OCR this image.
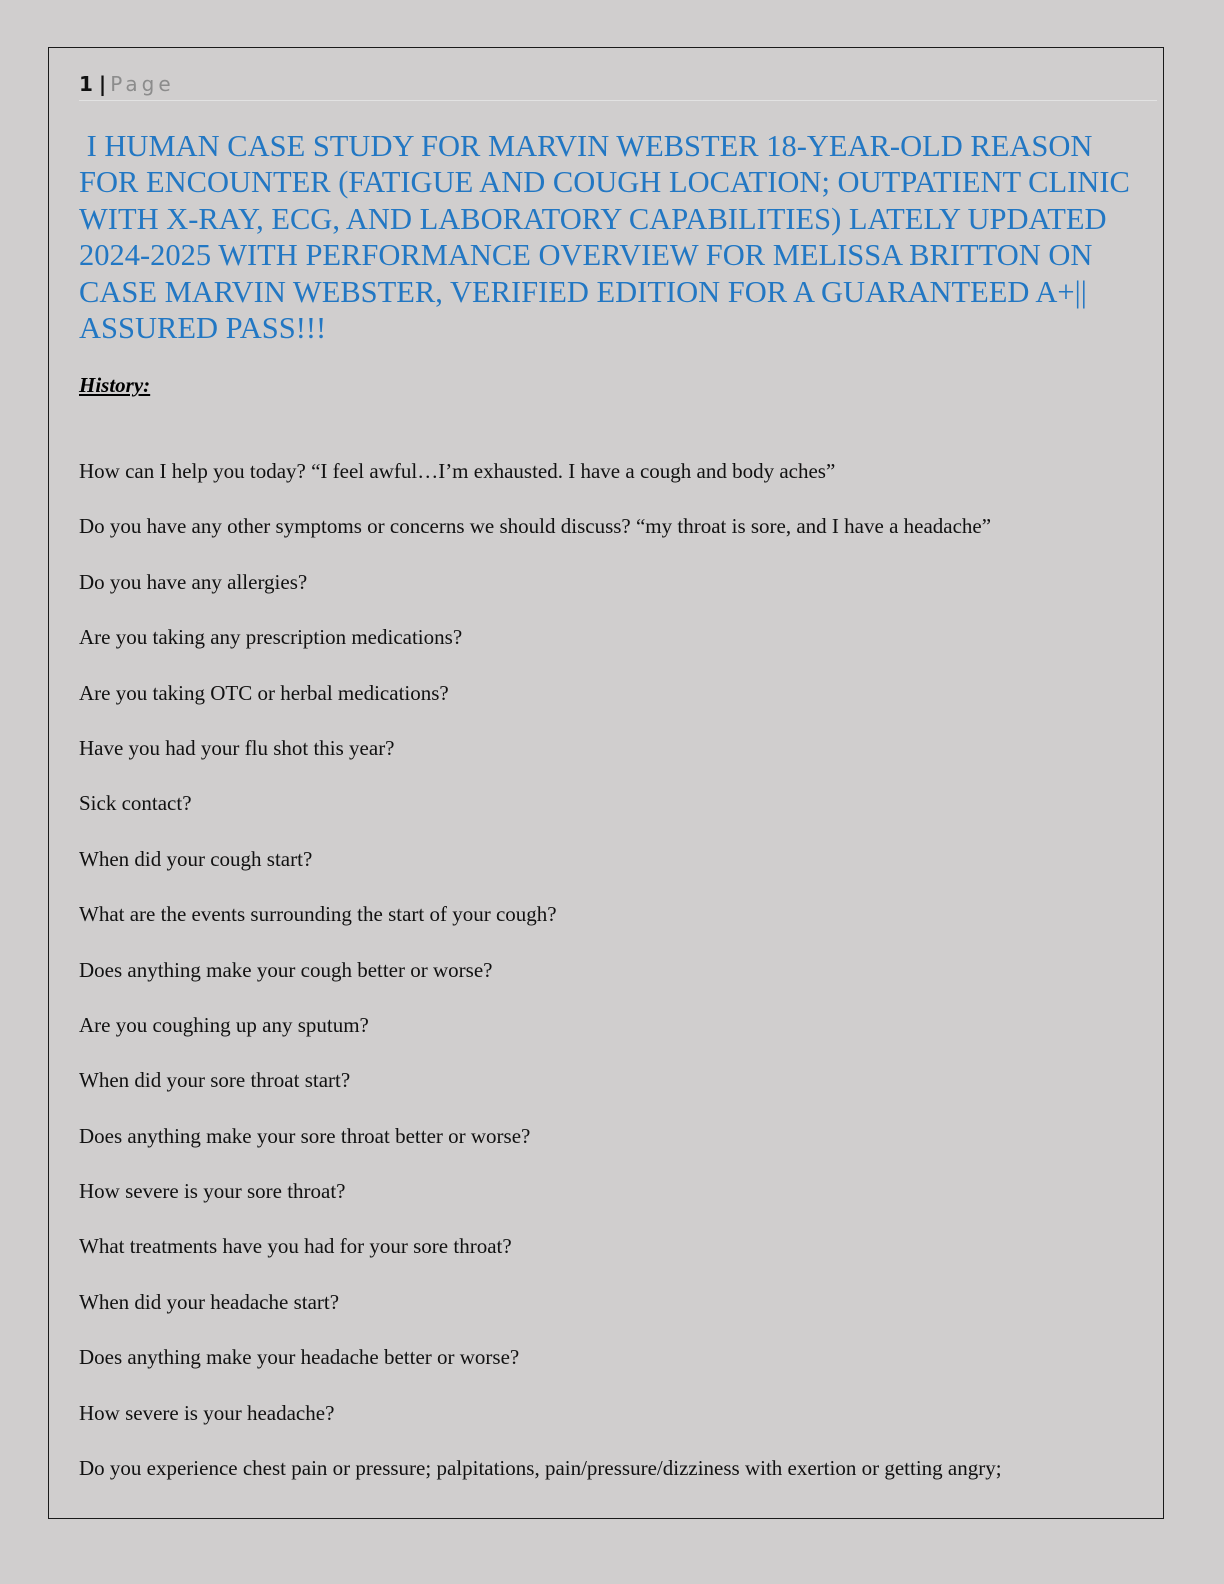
1 | Page
I HUMAN CASE STUDY FOR MARVIN WEBSTER 18-YEAR-OLD REASON FOR ENCOUNTER (FATIGUE AND COUGH LOCATION; OUTPATIENT CLINIC WITH X-RAY, ECG, AND LABORATORY CAPABILITIES) LATELY UPDATED 2024-2025 WITH PERFORMANCE OVERVIEW FOR MELISSA BRITTON ON CASE MARVIN WEBSTER, VERIFIED EDITION FOR A GUARANTEED A+|| ASSURED PASS!!!
History:
How can I help you today? “I feel awful…I’m exhausted. I have a cough and body aches”
Do you have any other symptoms or concerns we should discuss? “my throat is sore, and I have a headache”
Do you have any allergies?
Are you taking any prescription medications?
Are you taking OTC or herbal medications?
Have you had your flu shot this year?
Sick contact?
When did your cough start?
What are the events surrounding the start of your cough?
Does anything make your cough better or worse?
Are you coughing up any sputum?
When did your sore throat start?
Does anything make your sore throat better or worse?
How severe is your sore throat?
What treatments have you had for your sore throat?
When did your headache start?
Does anything make your headache better or worse?
How severe is your headache?
Do you experience chest pain or pressure; palpitations, pain/pressure/dizziness with exertion or getting angry;
